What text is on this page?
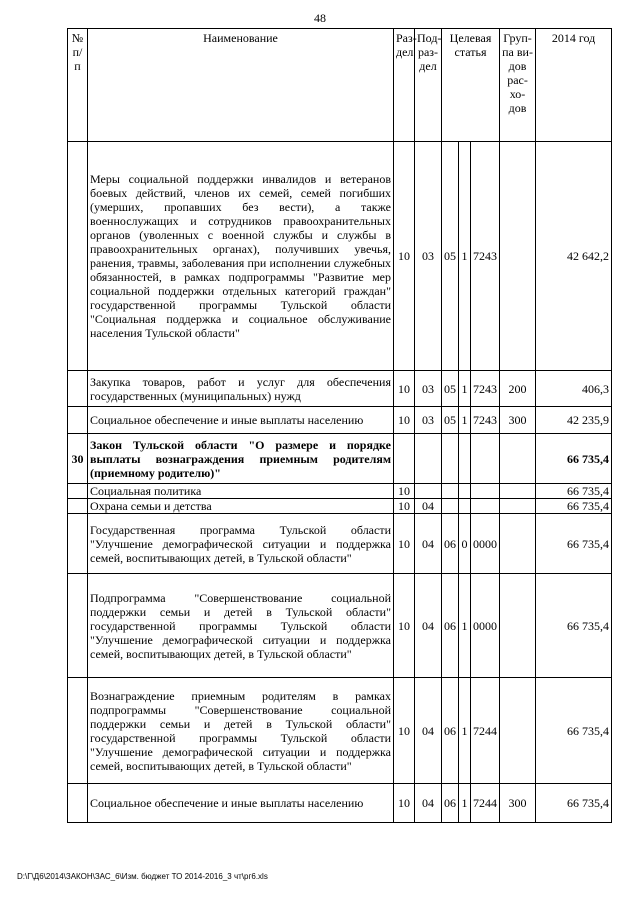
48
№ п/п	Наименование	Раз-дел	Под-раз-дел	Целевая статья			Груп-па ви-дов рас-хо-дов	2014 год
	Меры социальной поддержки инвалидов и ветеранов боевых действий, членов их семей, семей погибших (умерших, пропавших без вести), а также военнослужащих и сотрудников правоохранительных органов (уволенных с военной службы и службы в правоохранительных органах), получивших увечья, ранения, травмы, заболевания при исполнении служебных обязанностей, в рамках подпрограммы "Развитие мер социальной поддержки отдельных категорий граждан" государственной программы Тульской области "Социальная поддержка и социальное обслуживание населения Тульской области"	10	03	05	1	7243		42 642,2
	Закупка товаров, работ и услуг для обеспечения государственных (муниципальных) нужд	10	03	05	1	7243	200	406,3
	Социальное обеспечение и иные выплаты населению	10	03	05	1	7243	300	42 235,9
30	Закон Тульской области "О размере и порядке выплаты вознаграждения приемным родителям (приемному родителю)"							66 735,4
	Социальная политика	10						66 735,4
	Охрана семьи и детства	10	04					66 735,4
	Государственная программа Тульской области "Улучшение демографической ситуации и поддержка семей, воспитывающих детей, в Тульской области"	10	04	06	0	0000		66 735,4
	Подпрограмма "Совершенствование социальной поддержки семьи и детей в Тульской области" государственной программы Тульской области "Улучшение демографической ситуации и поддержка семей, воспитывающих детей, в Тульской области"	10	04	06	1	0000		66 735,4
	Вознаграждение приемным родителям в рамках подпрограммы "Совершенствование социальной поддержки семьи и детей в Тульской области" государственной программы Тульской области "Улучшение демографической ситуации и поддержка семей, воспитывающих детей, в Тульской области"	10	04	06	1	7244		66 735,4
	Социальное обеспечение и иные выплаты населению	10	04	06	1	7244	300	66 735,4
D:\Г\Д6\2014\ЗАКОН\ЗАС_6\Изм. бюджет ТО 2014-2016_3 чт\рг6.xls
